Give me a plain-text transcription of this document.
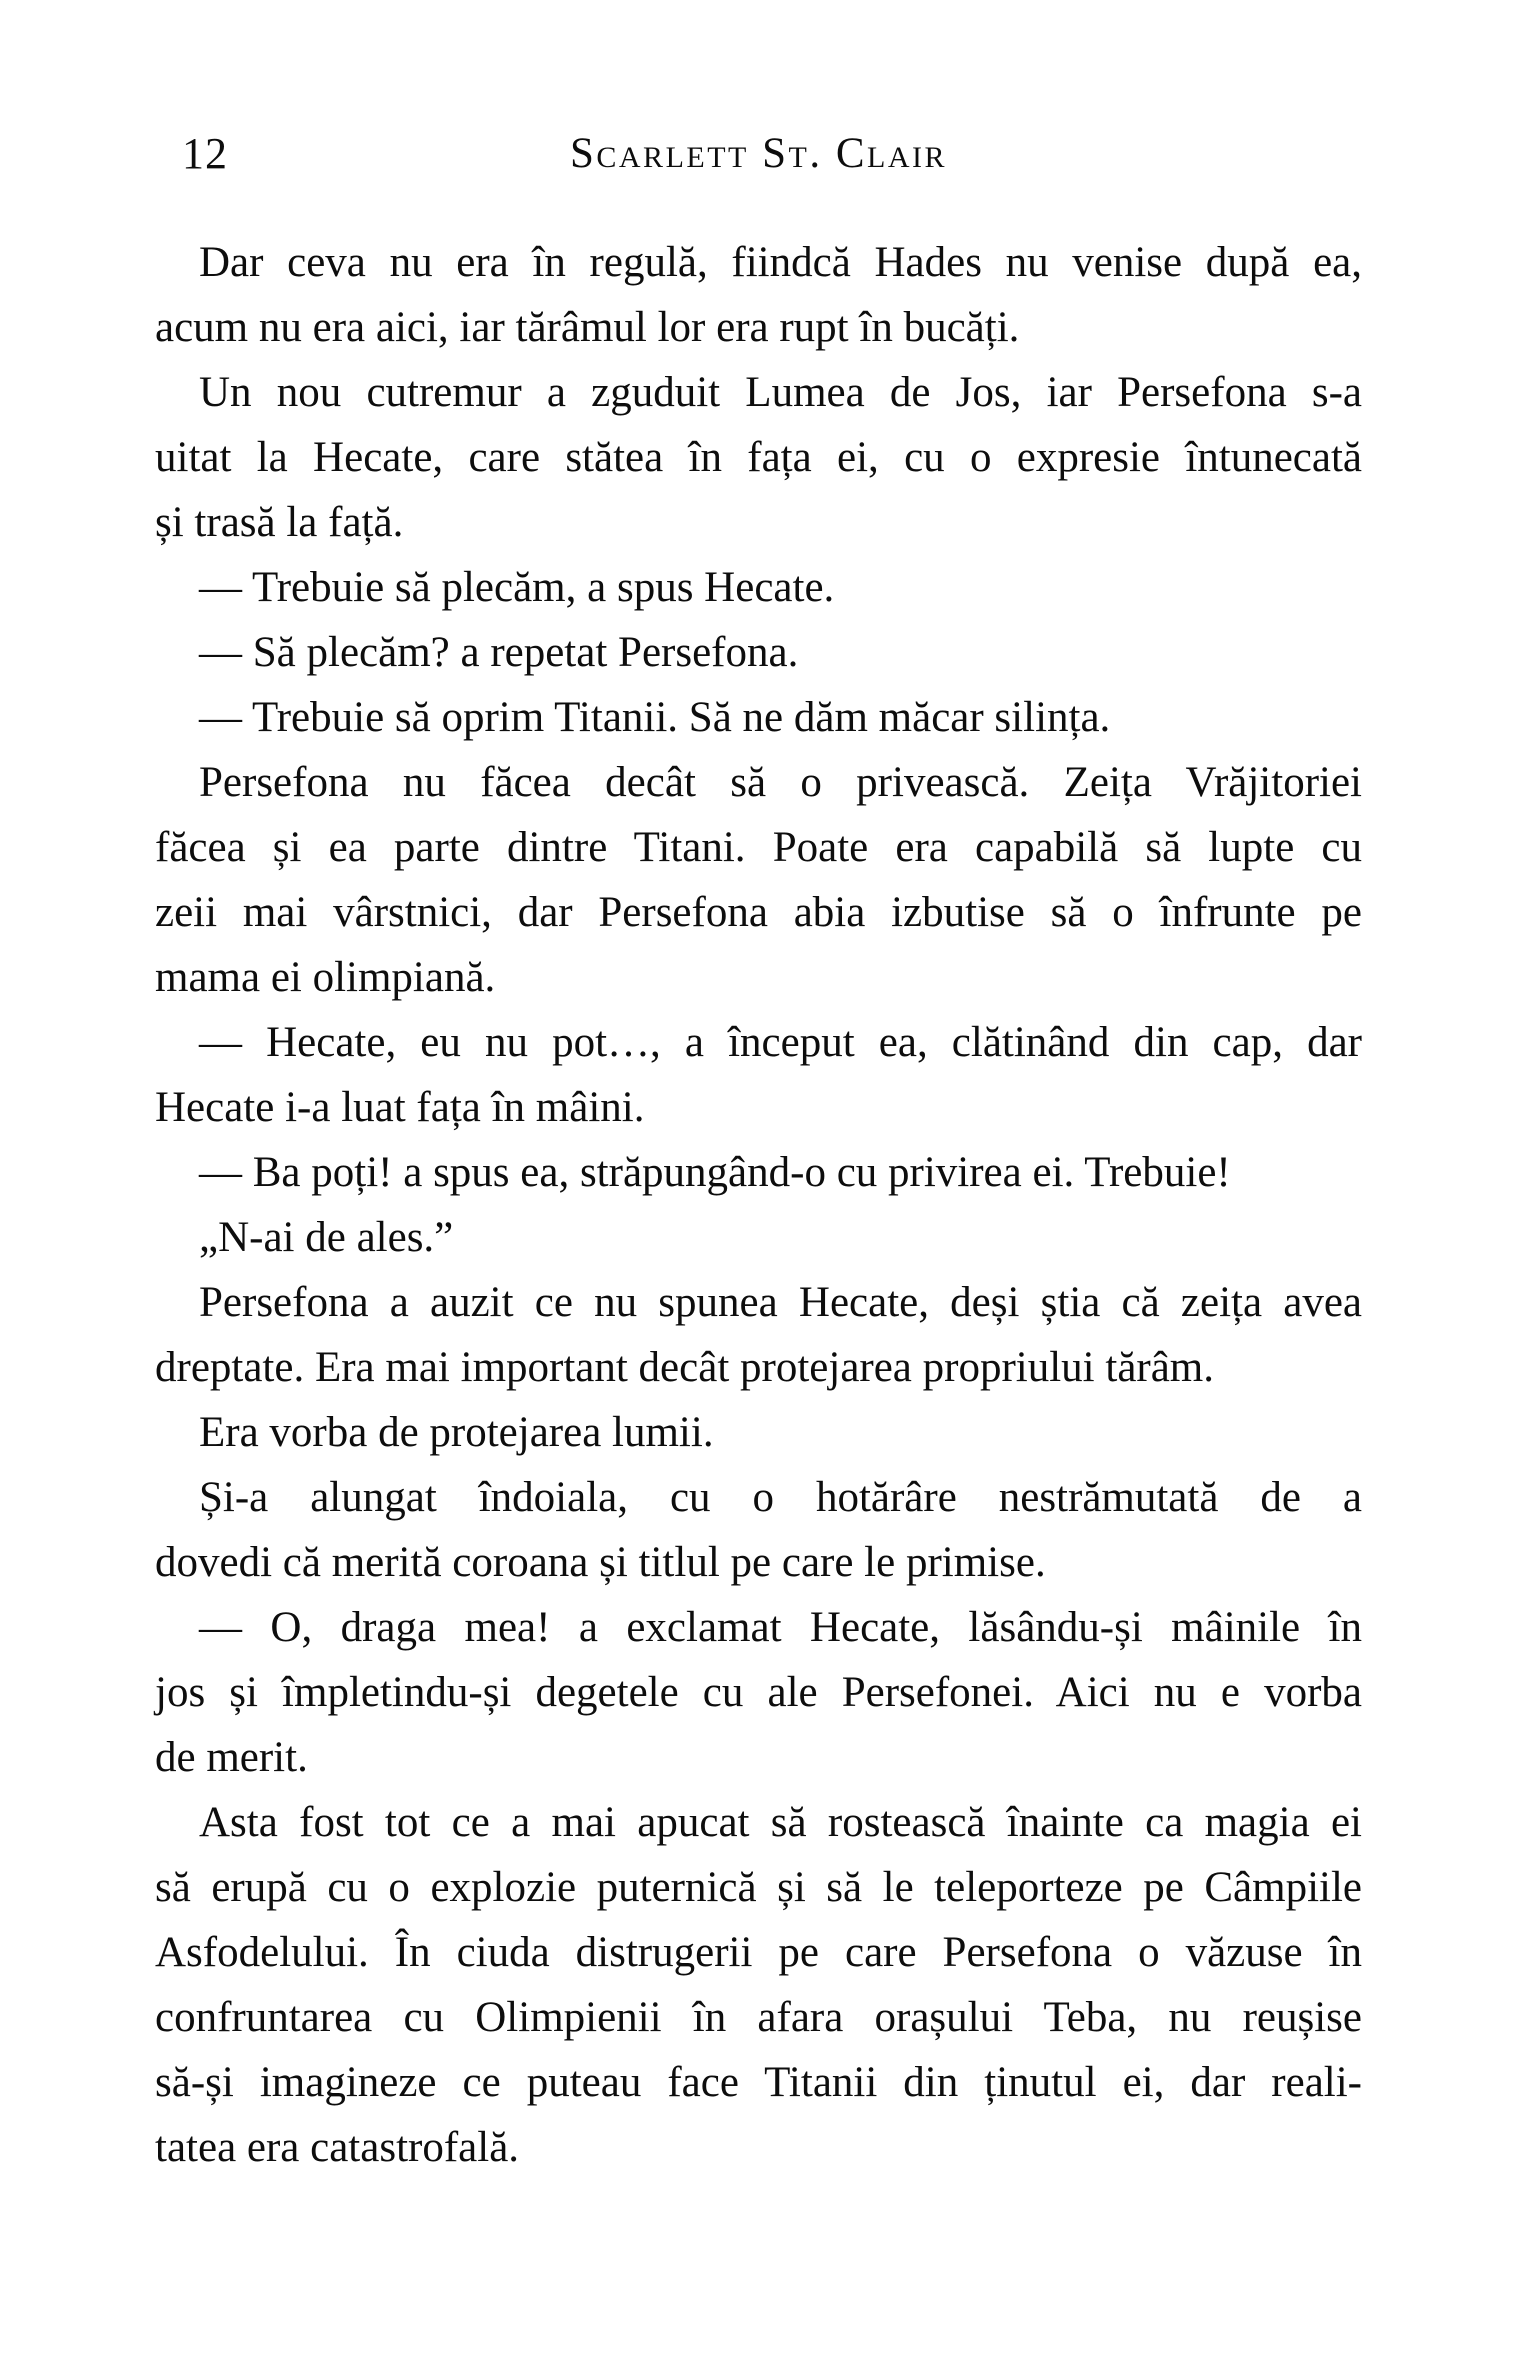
12	Scarlett St. Clair

Dar ceva nu era în regulă, fiindcă Hades nu venise după ea,
acum nu era aici, iar tărâmul lor era rupt în bucăți.

Un nou cutremur a zguduit Lumea de Jos, iar Persefona s-a
uitat la Hecate, care stătea în fața ei, cu o expresie întunecată
și trasă la față.

— Trebuie să plecăm, a spus Hecate.

— Să plecăm? a repetat Persefona.

— Trebuie să oprim Titanii. Să ne dăm măcar silința.

Persefona nu făcea decât să o privească. Zeița Vrăjitoriei
făcea și ea parte dintre Titani. Poate era capabilă să lupte cu
zeii mai vârstnici, dar Persefona abia izbutise să o înfrunte pe
mama ei olimpiană.

— Hecate, eu nu pot…, a început ea, clătinând din cap, dar
Hecate i-a luat fața în mâini.

— Ba poți! a spus ea, străpungând-o cu privirea ei. Trebuie!

„N-ai de ales.”

Persefona a auzit ce nu spunea Hecate, deși știa că zeița avea
dreptate. Era mai important decât protejarea propriului tărâm.

Era vorba de protejarea lumii.

Și-a alungat îndoiala, cu o hotărâre nestrămutată de a
dovedi că merită coroana și titlul pe care le primise.

— O, draga mea! a exclamat Hecate, lăsându-și mâinile în
jos și împletindu-și degetele cu ale Persefonei. Aici nu e vorba
de merit.

Asta fost tot ce a mai apucat să rostească înainte ca magia ei
să erupă cu o explozie puternică și să le teleporteze pe Câmpiile
Asfodelului. În ciuda distrugerii pe care Persefona o văzuse în
confruntarea cu Olimpienii în afara orașului Teba, nu reușise
să-și imagineze ce puteau face Titanii din ținutul ei, dar reali-
tatea era catastrofală.
